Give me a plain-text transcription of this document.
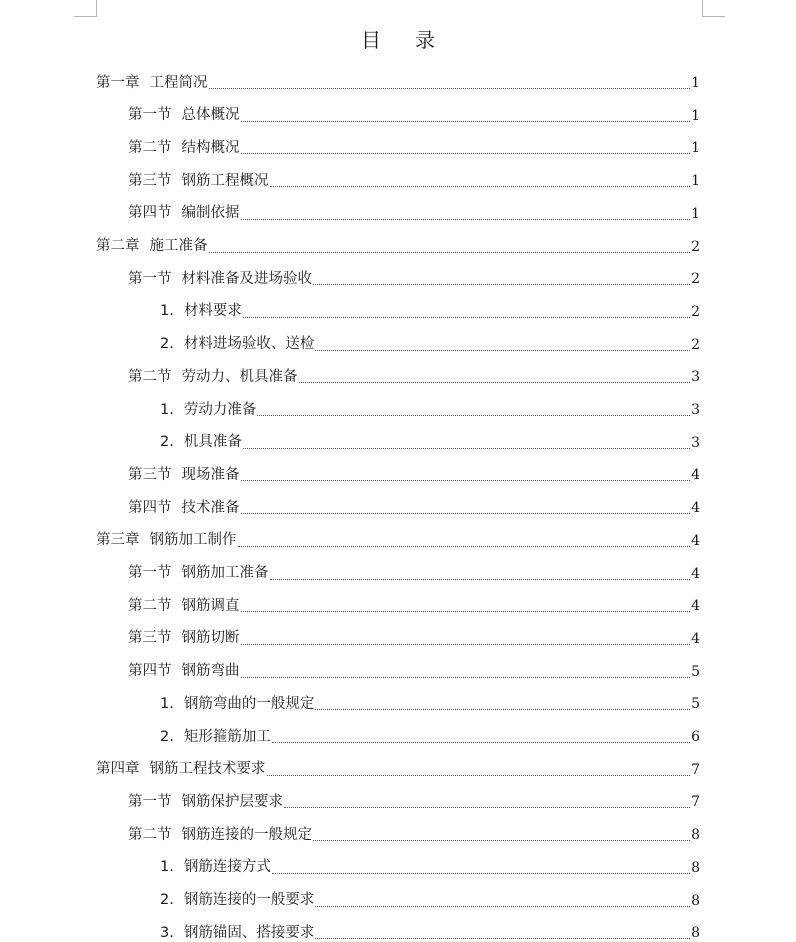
目 录
第一章 工程简况	1
第一节 总体概况	1
第二节 结构概况	1
第三节 钢筋工程概况	1
第四节 编制依据	1
第二章 施工准备	2
第一节 材料准备及进场验收	2
1. 材料要求	2
2. 材料进场验收、送检	2
第二节 劳动力、机具准备	3
1. 劳动力准备	3
2. 机具准备	3
第三节 现场准备	4
第四节 技术准备	4
第三章 钢筋加工制作	4
第一节 钢筋加工准备	4
第二节 钢筋调直	4
第三节 钢筋切断	4
第四节 钢筋弯曲	5
1. 钢筋弯曲的一般规定	5
2. 矩形箍筋加工	6
第四章 钢筋工程技术要求	7
第一节 钢筋保护层要求	7
第二节 钢筋连接的一般规定	8
1. 钢筋连接方式	8
2. 钢筋连接的一般要求	8
3. 钢筋锚固、搭接要求	8
